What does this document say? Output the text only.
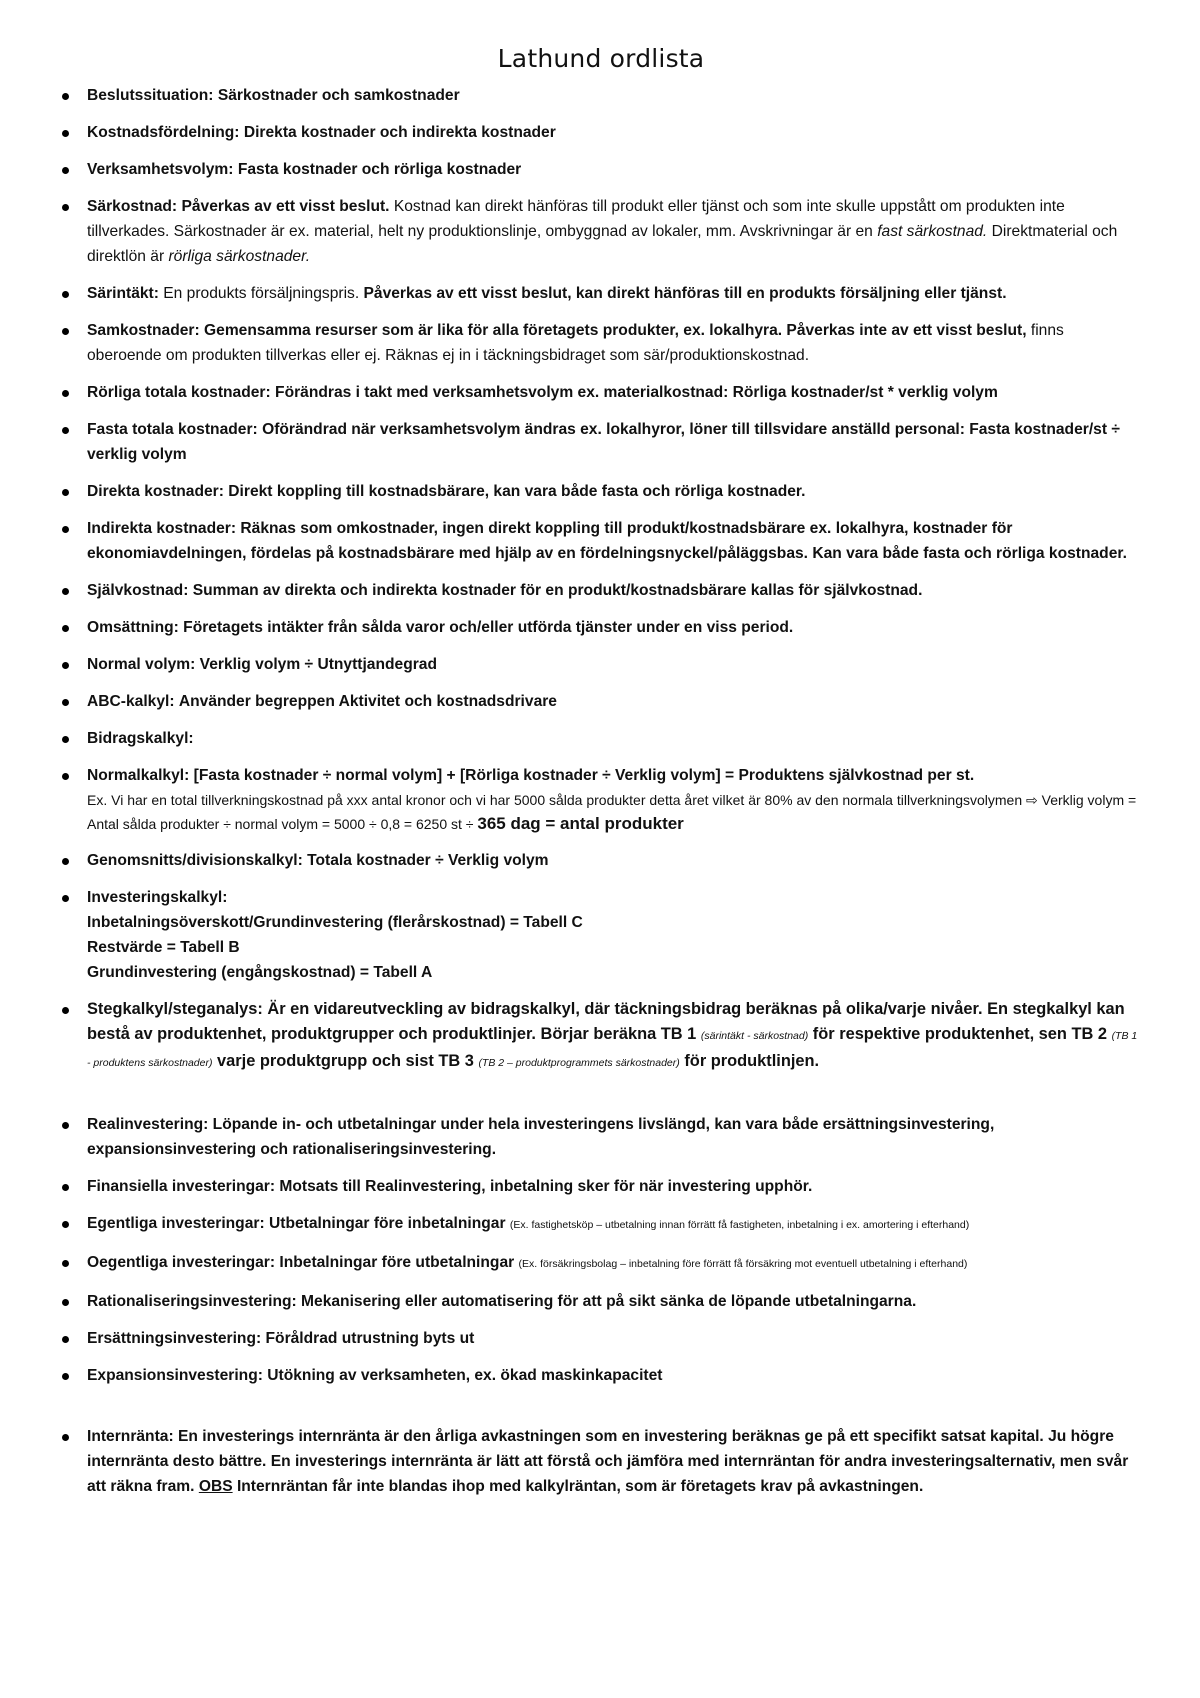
Lathund ordlista
Beslutssituation: Särkostnader och samkostnader
Kostnadsfördelning: Direkta kostnader och indirekta kostnader
Verksamhetsvolym: Fasta kostnader och rörliga kostnader
Särkostnad: Påverkas av ett visst beslut. Kostnad kan direkt hänföras till produkt eller tjänst och som inte skulle uppstått om produkten inte tillverkades. Särkostnader är ex. material, helt ny produktionslinje, ombyggnad av lokaler, mm. Avskrivningar är en fast särkostnad. Direktmaterial och direktlön är rörliga särkostnader.
Särintäkt: En produkts försäljningspris. Påverkas av ett visst beslut, kan direkt hänföras till en produkts försäljning eller tjänst.
Samkostnader: Gemensamma resurser som är lika för alla företagets produkter, ex. lokalhyra. Påverkas inte av ett visst beslut, finns oberoende om produkten tillverkas eller ej. Räknas ej in i täckningsbidraget som sär/produktionskostnad.
Rörliga totala kostnader: Förändras i takt med verksamhetsvolym ex. materialkostnad: Rörliga kostnader/st * verklig volym
Fasta totala kostnader: Oförändrad när verksamhetsvolym ändras ex. lokalhyror, löner till tillsvidare anställd personal: Fasta kostnader/st ÷ verklig volym
Direkta kostnader: Direkt koppling till kostnadsbärare, kan vara både fasta och rörliga kostnader.
Indirekta kostnader: Räknas som omkostnader, ingen direkt koppling till produkt/kostnadsbärare ex. lokalhyra, kostnader för ekonomiavdelningen, fördelas på kostnadsbärare med hjälp av en fördelningsnyckel/påläggsbas. Kan vara både fasta och rörliga kostnader.
Självkostnad: Summan av direkta och indirekta kostnader för en produkt/kostnadsbärare kallas för självkostnad.
Omsättning: Företagets intäkter från sålda varor och/eller utförda tjänster under en viss period.
Normal volym: Verklig volym ÷ Utnyttjandegrad
ABC-kalkyl: Använder begreppen Aktivitet och kostnadsdrivare
Bidragskalkyl:
Normalkalkyl: [Fasta kostnader ÷ normal volym] + [Rörliga kostnader ÷ Verklig volym] = Produktens självkostnad per st.
Ex. Vi har en total tillverkningskostnad på xxx antal kronor och vi har 5000 sålda produkter detta året vilket är 80% av den normala tillverkningsvolymen ⇨ Verklig volym = Antal sålda produkter ÷ normal volym = 5000 ÷ 0,8 = 6250 st ÷ 365 dag = antal produkter
Genomsnitts/divisionskalkyl: Totala kostnader ÷ Verklig volym
Investeringskalkyl:
Inbetalningsöverskott/Grundinvestering (flerårskostnad) = Tabell C
Restvärde = Tabell B
Grundinvestering (engångskostnad) = Tabell A
Stegkalkyl/steganalys: Är en vidareutveckling av bidragskalkyl, där täckningsbidrag beräknas på olika/varje nivåer. En stegkalkyl kan bestå av produktenhet, produktgrupper och produktlinjer. Börjar beräkna TB 1 (särintäkt - särkostnad) för respektive produktenhet, sen TB 2 (TB 1 - produktens särkostnader) varje produktgrupp och sist TB 3 (TB 2 – produktprogrammets särkostnader) för produktlinjen.
Realinvestering: Löpande in- och utbetalningar under hela investeringens livslängd, kan vara både ersättningsinvestering, expansionsinvestering och rationaliseringsinvestering.
Finansiella investeringar: Motsats till Realinvestering, inbetalning sker för när investering upphör.
Egentliga investeringar: Utbetalningar före inbetalningar (Ex. fastighetsköp – utbetalning innan förrätt få fastigheten, inbetalning i ex. amortering i efterhand)
Oegentliga investeringar: Inbetalningar före utbetalningar (Ex. försäkringsbolag – inbetalning före förrätt få försäkring mot eventuell utbetalning i efterhand)
Rationaliseringsinvestering: Mekanisering eller automatisering för att på sikt sänka de löpande utbetalningarna.
Ersättningsinvestering: Föråldrad utrustning byts ut
Expansionsinvestering: Utökning av verksamheten, ex. ökad maskinkapacitet
Internränta: En investerings internränta är den årliga avkastningen som en investering beräknas ge på ett specifikt satsat kapital. Ju högre internränta desto bättre. En investerings internränta är lätt att förstå och jämföra med internräntan för andra investeringsalternativ, men svår att räkna fram. OBS Internräntan får inte blandas ihop med kalkylräntan, som är företagets krav på avkastningen.
